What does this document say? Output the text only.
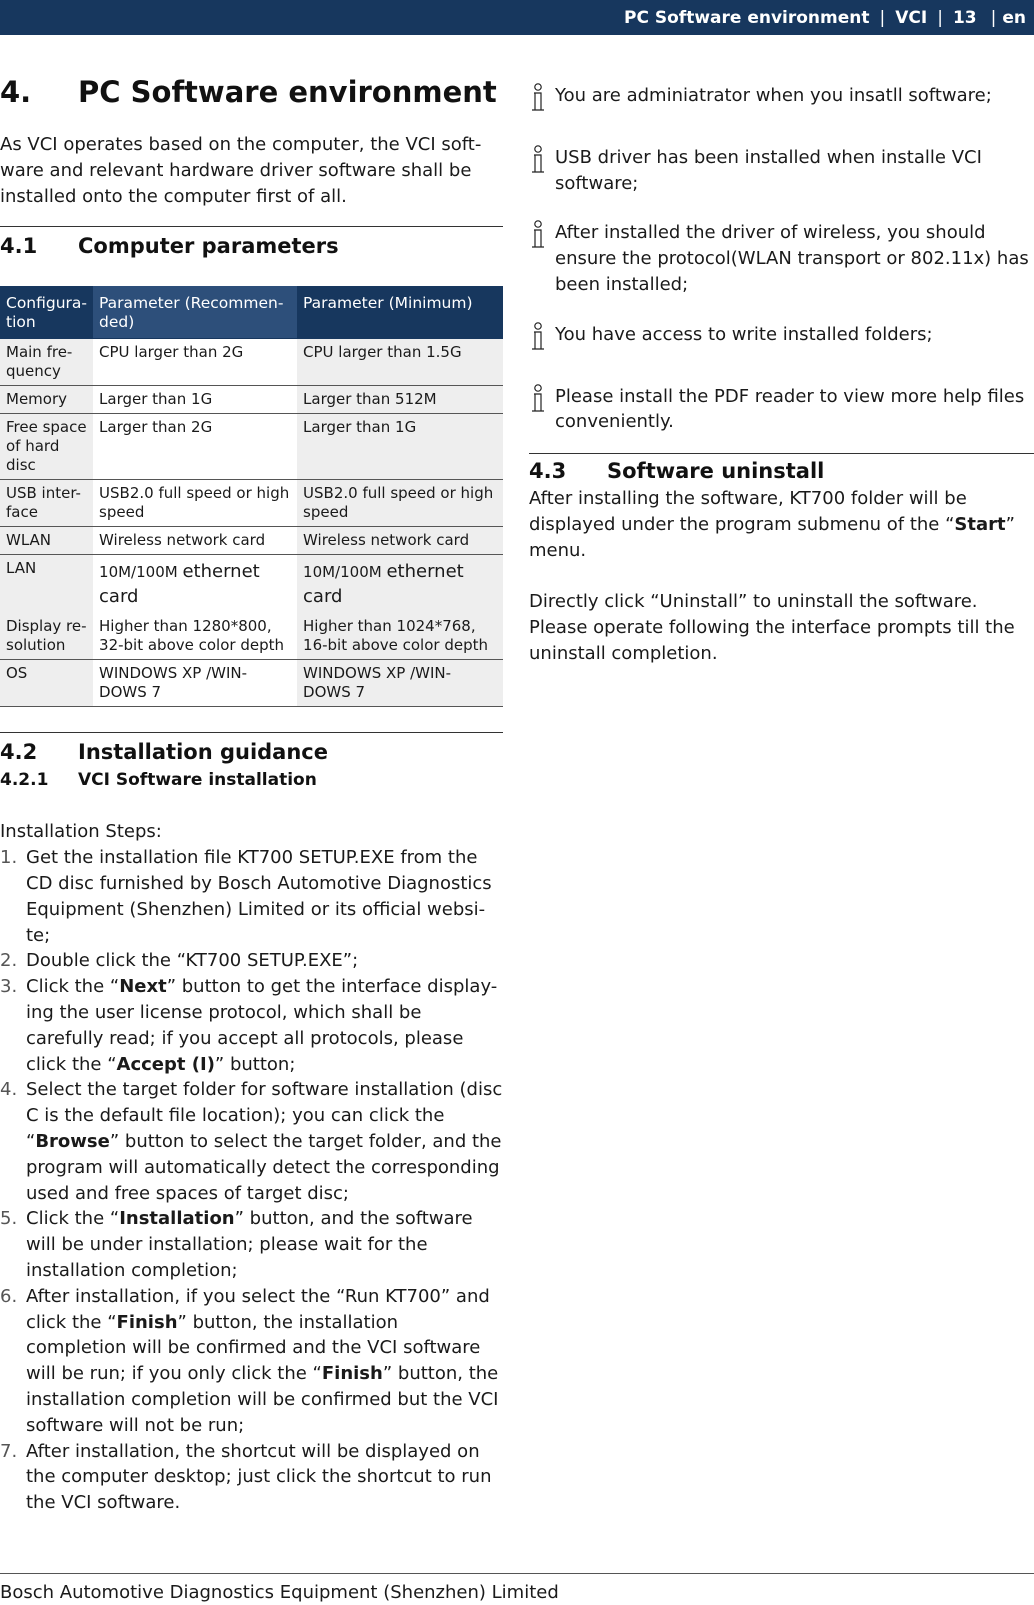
PC Software environment | VCI | 13 | en
4.	PC Software environment

As VCI operates based on the computer, the VCI soft- ware and relevant hardware driver software shall be installed onto the computer first of all.

4.1	Computer parameters
Configura- tion	Parameter (Recommen- ded)	Parameter (Minimum)
Main fre- quency	CPU larger than 2G	CPU larger than 1.5G
Memory	Larger than 1G	Larger than 512M
Free space of hard disc	Larger than 2G	Larger than 1G
USB inter- face	USB2.0 full speed or high speed	USB2.0 full speed or high speed
WLAN	Wireless network card	Wireless network card
LAN	10M/100M ethernet card	10M/100M ethernet card
Display re- solution	Higher than 1280*800, 32-bit above color depth	Higher than 1024*768, 16-bit above color depth
OS	WINDOWS XP /WIN- DOWS 7	WINDOWS XP /WIN- DOWS 7
4.2	Installation guidance
4.2.1	VCI Software installation

Installation Steps:

1. Get the installation file KT700 SETUP.EXE from the CD disc furnished by Bosch Automotive Diagnostics Equipment (Shenzhen) Limited or its official websi- te;
2. Double click the “KT700 SETUP.EXE”;
3. Click the “Next” button to get the interface display- ing the user license protocol, which shall be carefully read; if you accept all protocols, please click the “Accept (I)” button;
4. Select the target folder for software installation (disc C is the default file location); you can click the “Browse” button to select the target folder, and the program will automatically detect the corresponding used and free spaces of target disc;
5. Click the “Installation” button, and the software will be under installation; please wait for the installation completion;
6. After installation, if you select the “Run KT700” and click the “Finish” button, the installation completion will be confirmed and the VCI software will be run; if you only click the “Finish” button, the installation completion will be confirmed but the VCI software will not be run;
7. After installation, the shortcut will be displayed on the computer desktop; just click the shortcut to run the VCI software.
You are adminiatrator when you insatll software;
USB driver has been installed when installe VCI software;
After installed the driver of wireless, you should ensure the protocol(WLAN transport or 802.11x) has been installed;
You have access to write installed folders;
Please install the PDF reader to view more help files conveniently.
4.3	Software uninstall

After installing the software, KT700 folder will be displayed under the program submenu of the “Start” menu.

Directly click “Uninstall” to uninstall the software. Please operate following the interface prompts till the uninstall completion.

Bosch Automotive Diagnostics Equipment (Shenzhen) Limited
